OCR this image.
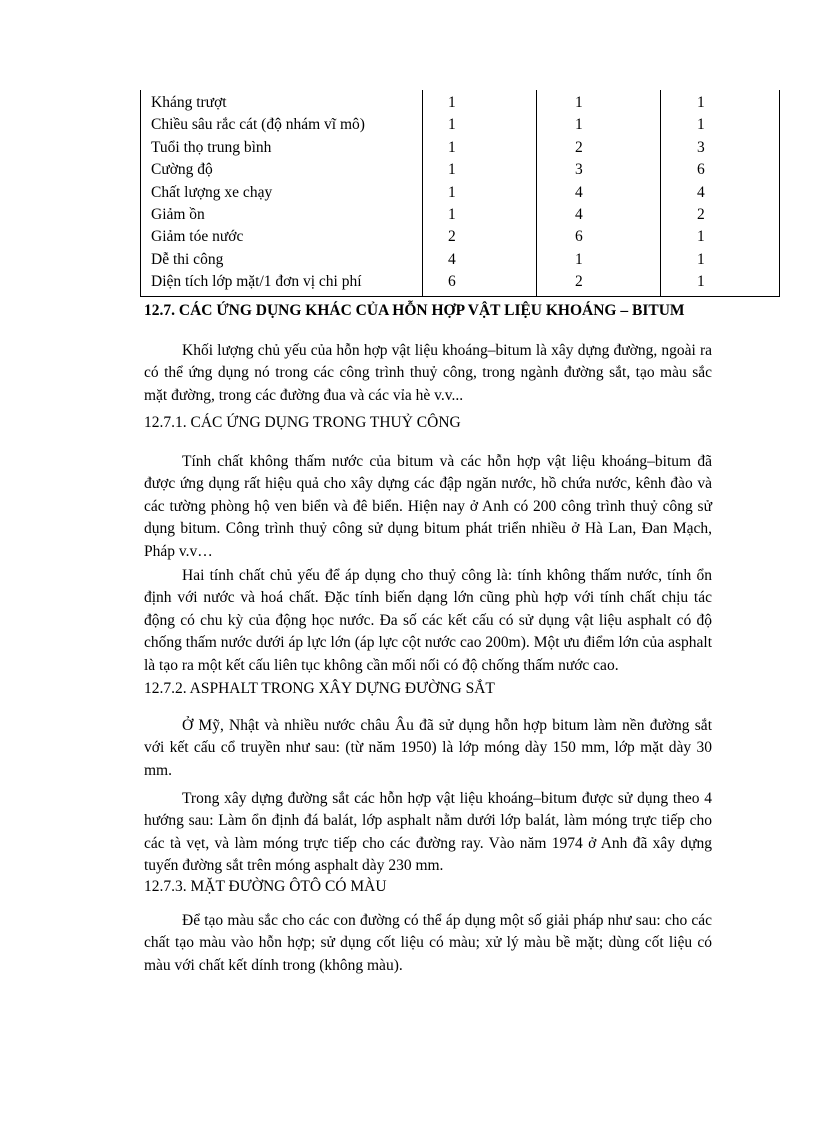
Kháng trượt	1	1	1
Chiều sâu rắc cát (độ nhám vĩ mô)	1	1	1
Tuổi thọ trung bình	1	2	3
Cường độ	1	3	6
Chất lượng xe chạy	1	4	4
Giảm ồn	1	4	2
Giảm tóe nước	2	6	1
Dễ thi công	4	1	1
Diện tích lớp mặt/1 đơn vị chi phí	6	2	1
12.7. CÁC ỨNG DỤNG KHÁC CỦA HỖN HỢP VẬT LIỆU KHOÁNG – BITUM

Khối lượng chủ yếu của hỗn hợp vật liệu khoáng–bitum là xây dựng đường, ngoài ra có thể ứng dụng nó trong các công trình thuỷ công, trong ngành đường sắt, tạo màu sắc mặt đường, trong các đường đua và các vỉa hè v.v...

12.7.1. CÁC ỨNG DỤNG TRONG THUỶ CÔNG

Tính chất không thấm nước của bitum và các hỗn hợp vật liệu khoáng–bitum đã được ứng dụng rất hiệu quả cho xây dựng các đập ngăn nước, hồ chứa nước, kênh đào và các tường phòng hộ ven biển và đê biển. Hiện nay ở Anh có 200 công trình thuỷ công sử dụng bitum. Công trình thuỷ công sử dụng bitum phát triển nhiều ở Hà Lan, Đan Mạch, Pháp v.v…

Hai tính chất chủ yếu để áp dụng cho thuỷ công là: tính không thấm nước, tính ổn định với nước và hoá chất. Đặc tính biến dạng lớn cũng phù hợp với tính chất chịu tác động có chu kỳ của động học nước. Đa số các kết cấu có sử dụng vật liệu asphalt có độ chống thấm nước dưới áp lực lớn (áp lực cột nước cao 200m). Một ưu điểm lớn của asphalt là tạo ra một kết cấu liên tục không cần mối nối có độ chống thấm nước cao.

12.7.2. ASPHALT TRONG XÂY DỰNG ĐƯỜNG SẮT

Ở Mỹ, Nhật và nhiều nước châu Âu đã sử dụng hỗn hợp bitum làm nền đường sắt với kết cấu cổ truyền như sau: (từ năm 1950) là lớp móng dày 150 mm, lớp mặt dày 30 mm.

Trong xây dựng đường sắt các hỗn hợp vật liệu khoáng–bitum được sử dụng theo 4 hướng sau: Làm ổn định đá balát, lớp asphalt nằm dưới lớp balát, làm móng trực tiếp cho các tà vẹt, và làm móng trực tiếp cho các đường ray. Vào năm 1974 ở Anh đã xây dựng tuyến đường sắt trên móng asphalt dày 230 mm.

12.7.3. MẶT ĐƯỜNG ÔTÔ CÓ MÀU

Để tạo màu sắc cho các con đường có thể áp dụng một số giải pháp như sau: cho các chất tạo màu vào hỗn hợp; sử dụng cốt liệu có màu; xử lý màu bề mặt; dùng cốt liệu có màu với chất kết dính trong (không màu).
